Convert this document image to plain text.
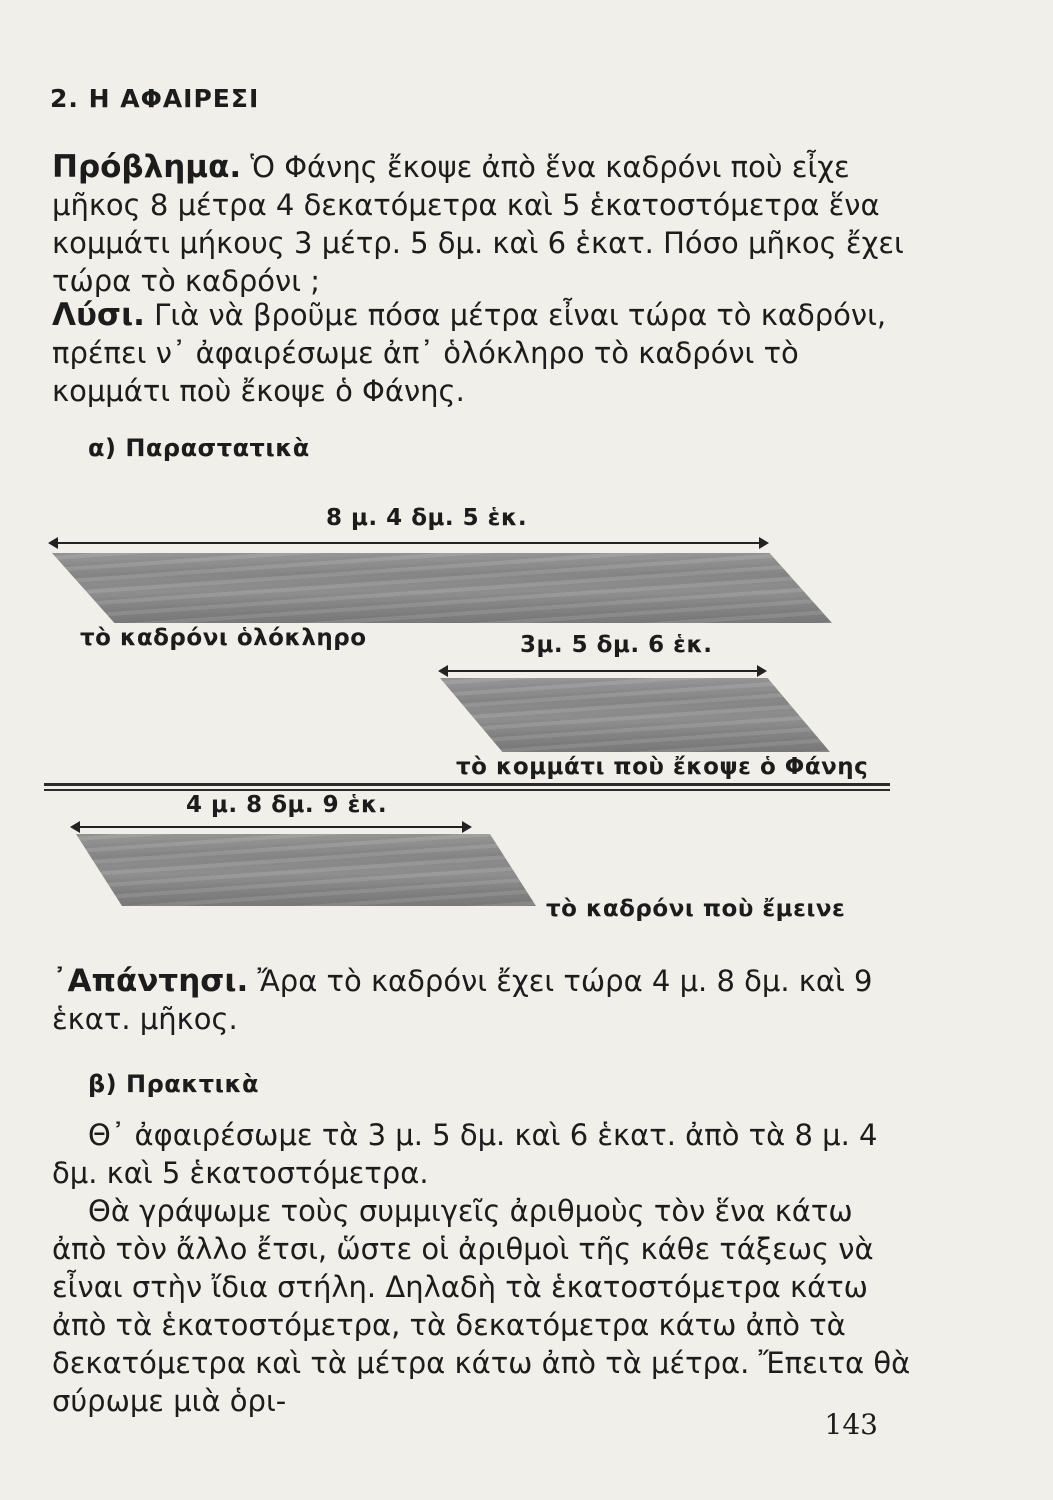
2. Η ΑΦΑΙΡΕΣΙ
Πρόβλημα. Ὁ Φάνης ἔκοψε ἀπὸ ἕνα καδρόνι ποὺ εἶχε μῆκος 8 μέτρα 4 δεκατόμετρα καὶ 5 ἑκατοστόμετρα ἕνα κομμάτι μήκους 3 μέτρ. 5 δμ. καὶ 6 ἑκατ. Πόσο μῆκος ἔχει τώρα τὸ καδρόνι ;
Λύσι. Γιὰ νὰ βροῦμε πόσα μέτρα εἶναι τώρα τὸ καδρόνι, πρέπει ν᾽ ἀφαιρέσωμε ἀπ᾽ ὁλόκληρο τὸ καδρόνι τὸ κομμάτι ποὺ ἔκοψε ὁ Φάνης.
α) Παραστατικὰ
8 μ. 4 δμ. 5 ἑκ.
τὸ καδρόνι ὁλόκληρο	3μ. 5 δμ. 6 ἑκ.
τὸ κομμάτι ποὺ ἔκοψε ὁ Φάνης
4 μ. 8 δμ. 9 ἑκ.
τὸ καδρόνι ποὺ ἔμεινε
᾿Απάντησι. Ἄρα τὸ καδρόνι ἔχει τώρα 4 μ. 8 δμ. καὶ 9 ἑκατ. μῆκος.
β) Πρακτικὰ
Θ᾽ ἀφαιρέσωμε τὰ 3 μ. 5 δμ. καὶ 6 ἑκατ. ἀπὸ τὰ 8 μ. 4 δμ. καὶ 5 ἑκατοστόμετρα.
Θὰ γράψωμε τοὺς συμμιγεῖς ἀριθμοὺς τὸν ἕνα κάτω ἀπὸ τὸν ἄλλο ἔτσι, ὥστε οἱ ἀριθμοὶ τῆς κάθε τάξεως νὰ εἶναι στὴν ἴδια στήλη. Δηλαδὴ τὰ ἑκατοστόμετρα κάτω ἀπὸ τὰ ἑκατοστόμετρα, τὰ δεκατόμετρα κάτω ἀπὸ τὰ δεκατόμετρα καὶ τὰ μέτρα κάτω ἀπὸ τὰ μέτρα. Ἔπειτα θὰ σύρωμε μιὰ ὁρι-
143
